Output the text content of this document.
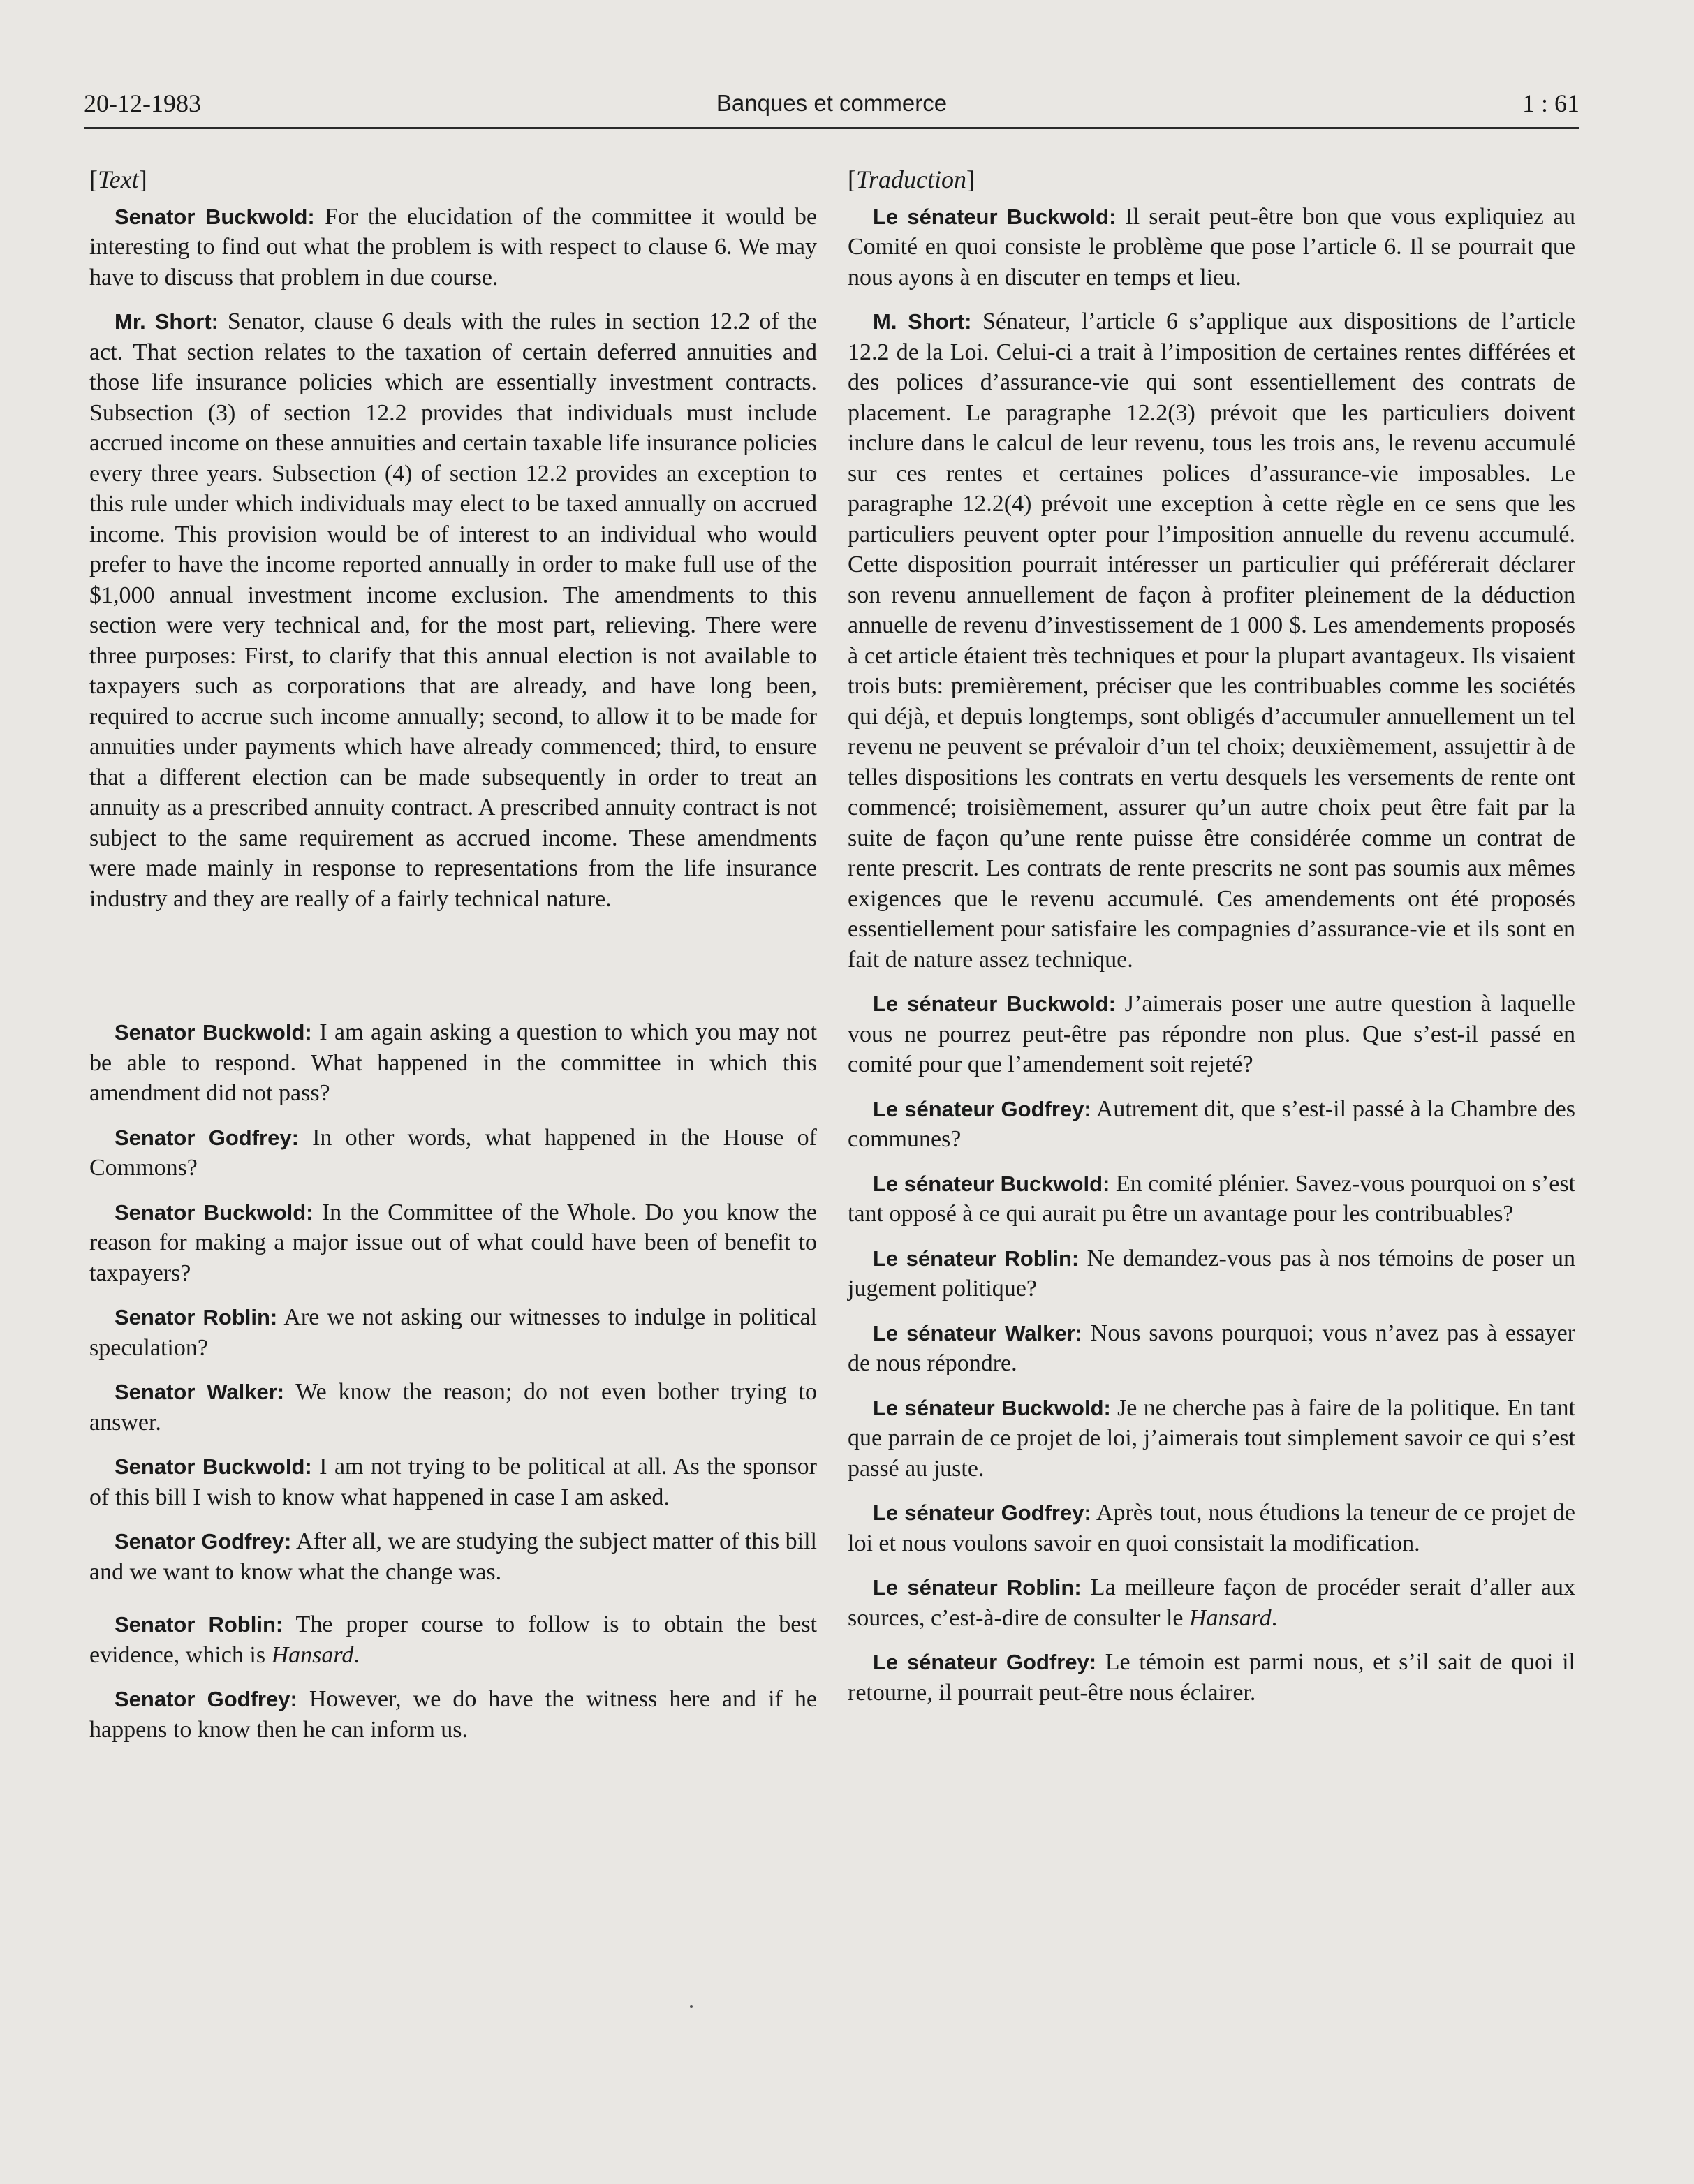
20-12-1983	Banques et commerce	1 : 61
[Text]

Senator Buckwold: For the elucidation of the committee it would be interesting to find out what the problem is with respect to clause 6. We may have to discuss that problem in due course.

Mr. Short: Senator, clause 6 deals with the rules in section 12.2 of the act. That section relates to the taxation of certain deferred annuities and those life insurance policies which are essentially investment contracts. Subsection (3) of section 12.2 provides that individuals must include accrued income on these annuities and certain taxable life insurance policies every three years. Subsection (4) of section 12.2 provides an exception to this rule under which individuals may elect to be taxed annually on accrued income. This provision would be of interest to an individual who would prefer to have the income reported annually in order to make full use of the $1,000 annual investment income exclusion. The amendments to this section were very technical and, for the most part, relieving. There were three purposes: First, to clarify that this annual election is not available to taxpayers such as corporations that are already, and have long been, required to accrue such income annually; second, to allow it to be made for annuities under payments which have already commenced; third, to ensure that a different election can be made subsequently in order to treat an annuity as a prescribed annuity contract. A prescribed annuity contract is not subject to the same requirement as accrued income. These amendments were made mainly in response to representations from the life insurance industry and they are really of a fairly technical nature.

Senator Buckwold: I am again asking a question to which you may not be able to respond. What happened in the committee in which this amendment did not pass?

Senator Godfrey: In other words, what happened in the House of Commons?

Senator Buckwold: In the Committee of the Whole. Do you know the reason for making a major issue out of what could have been of benefit to taxpayers?

Senator Roblin: Are we not asking our witnesses to indulge in political speculation?

Senator Walker: We know the reason; do not even bother trying to answer.

Senator Buckwold: I am not trying to be political at all. As the sponsor of this bill I wish to know what happened in case I am asked.

Senator Godfrey: After all, we are studying the subject matter of this bill and we want to know what the change was.

Senator Roblin: The proper course to follow is to obtain the best evidence, which is Hansard.

Senator Godfrey: However, we do have the witness here and if he happens to know then he can inform us.

[Traduction]

Le sénateur Buckwold: Il serait peut-être bon que vous expliquiez au Comité en quoi consiste le problème que pose l’article 6. Il se pourrait que nous ayons à en discuter en temps et lieu.

M. Short: Sénateur, l’article 6 s’applique aux dispositions de l’article 12.2 de la Loi. Celui-ci a trait à l’imposition de certaines rentes différées et des polices d’assurance-vie qui sont essentiellement des contrats de placement. Le paragraphe 12.2(3) prévoit que les particuliers doivent inclure dans le calcul de leur revenu, tous les trois ans, le revenu accumulé sur ces rentes et certaines polices d’assurance-vie imposables. Le paragraphe 12.2(4) prévoit une exception à cette règle en ce sens que les particuliers peuvent opter pour l’imposition annuelle du revenu accumulé. Cette disposition pourrait intéresser un particulier qui préférerait déclarer son revenu annuellement de façon à profiter pleinement de la déduction annuelle de revenu d’investissement de 1 000 $. Les amendements proposés à cet article étaient très techniques et pour la plupart avantageux. Ils visaient trois buts: premièrement, préciser que les contribuables comme les sociétés qui déjà, et depuis longtemps, sont obligés d’accumuler annuellement un tel revenu ne peuvent se prévaloir d’un tel choix; deuxièmement, assujettir à de telles dispositions les contrats en vertu desquels les versements de rente ont commencé; troisièmement, assurer qu’un autre choix peut être fait par la suite de façon qu’une rente puisse être considérée comme un contrat de rente prescrit. Les contrats de rente prescrits ne sont pas soumis aux mêmes exigences que le revenu accumulé. Ces amendements ont été proposés essentiellement pour satisfaire les compagnies d’assurance-vie et ils sont en fait de nature assez technique.

Le sénateur Buckwold: J’aimerais poser une autre question à laquelle vous ne pourrez peut-être pas répondre non plus. Que s’est-il passé en comité pour que l’amendement soit rejeté?

Le sénateur Godfrey: Autrement dit, que s’est-il passé à la Chambre des communes?

Le sénateur Buckwold: En comité plénier. Savez-vous pourquoi on s’est tant opposé à ce qui aurait pu être un avantage pour les contribuables?

Le sénateur Roblin: Ne demandez-vous pas à nos témoins de poser un jugement politique?

Le sénateur Walker: Nous savons pourquoi; vous n’avez pas à essayer de nous répondre.

Le sénateur Buckwold: Je ne cherche pas à faire de la politique. En tant que parrain de ce projet de loi, j’aimerais tout simplement savoir ce qui s’est passé au juste.

Le sénateur Godfrey: Après tout, nous étudions la teneur de ce projet de loi et nous voulons savoir en quoi consistait la modification.

Le sénateur Roblin: La meilleure façon de procéder serait d’aller aux sources, c’est-à-dire de consulter le Hansard.

Le sénateur Godfrey: Le témoin est parmi nous, et s’il sait de quoi il retourne, il pourrait peut-être nous éclairer.
